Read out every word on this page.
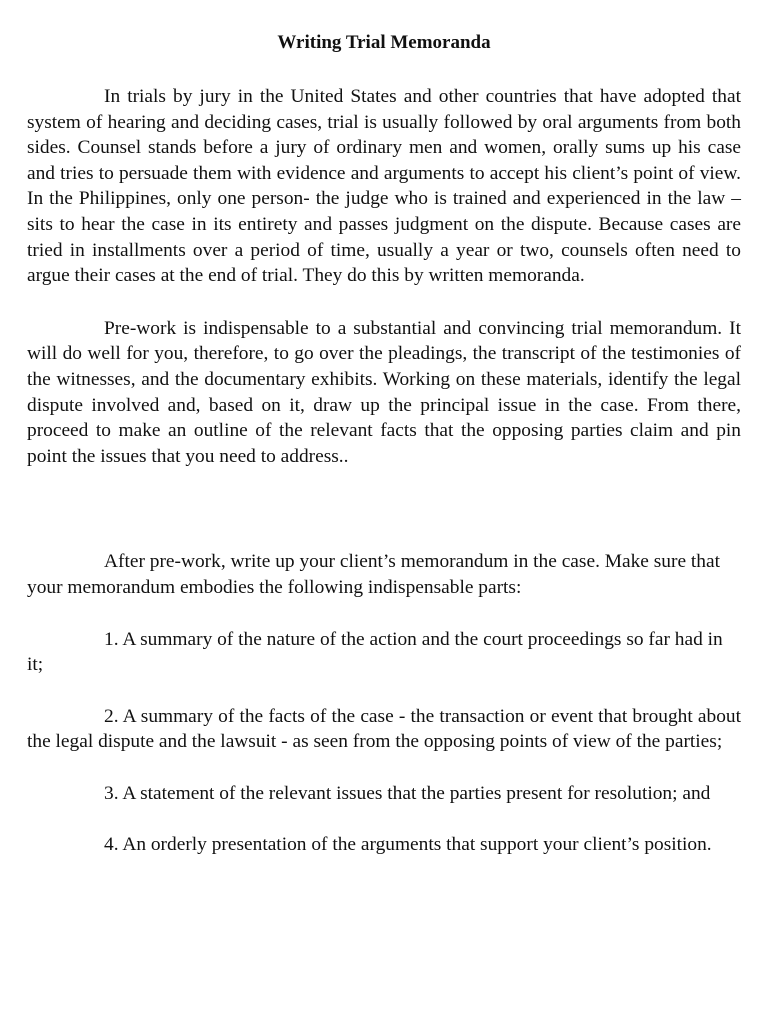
Writing Trial Memoranda

In trials by jury in the United States and other countries that have adopted that system of hearing and deciding cases, trial is usually followed by oral arguments from both sides. Counsel stands before a jury of ordinary men and women, orally sums up his case and tries to persuade them with evidence and arguments to accept his client’s point of view. In the Philippines, only one person- the judge who is trained and experienced in the law – sits to hear the case in its entirety and passes judgment on the dispute. Because cases are tried in installments over a period of time, usually a year or two, counsels often need to argue their cases at the end of trial. They do this by written memoranda.

Pre-work is indispensable to a substantial and convincing trial memorandum. It will do well for you, therefore, to go over the pleadings, the transcript of the testimonies of the witnesses, and the documentary exhibits. Working on these materials, identify the legal dispute involved and, based on it, draw up the principal issue in the case. From there, proceed to make an outline of the relevant facts that the opposing parties claim and pin point the issues that you need to address..

After pre-work, write up your client’s memorandum in the case. Make sure that your memorandum embodies the following indispensable parts:

1. A summary of the nature of the action and the court proceedings so far had in it;

2. A summary of the facts of the case - the transaction or event that brought about the legal dispute and the lawsuit - as seen from the opposing points of view of the parties;

3. A statement of the relevant issues that the parties present for resolution; and

4. An orderly presentation of the arguments that support your client’s position.
